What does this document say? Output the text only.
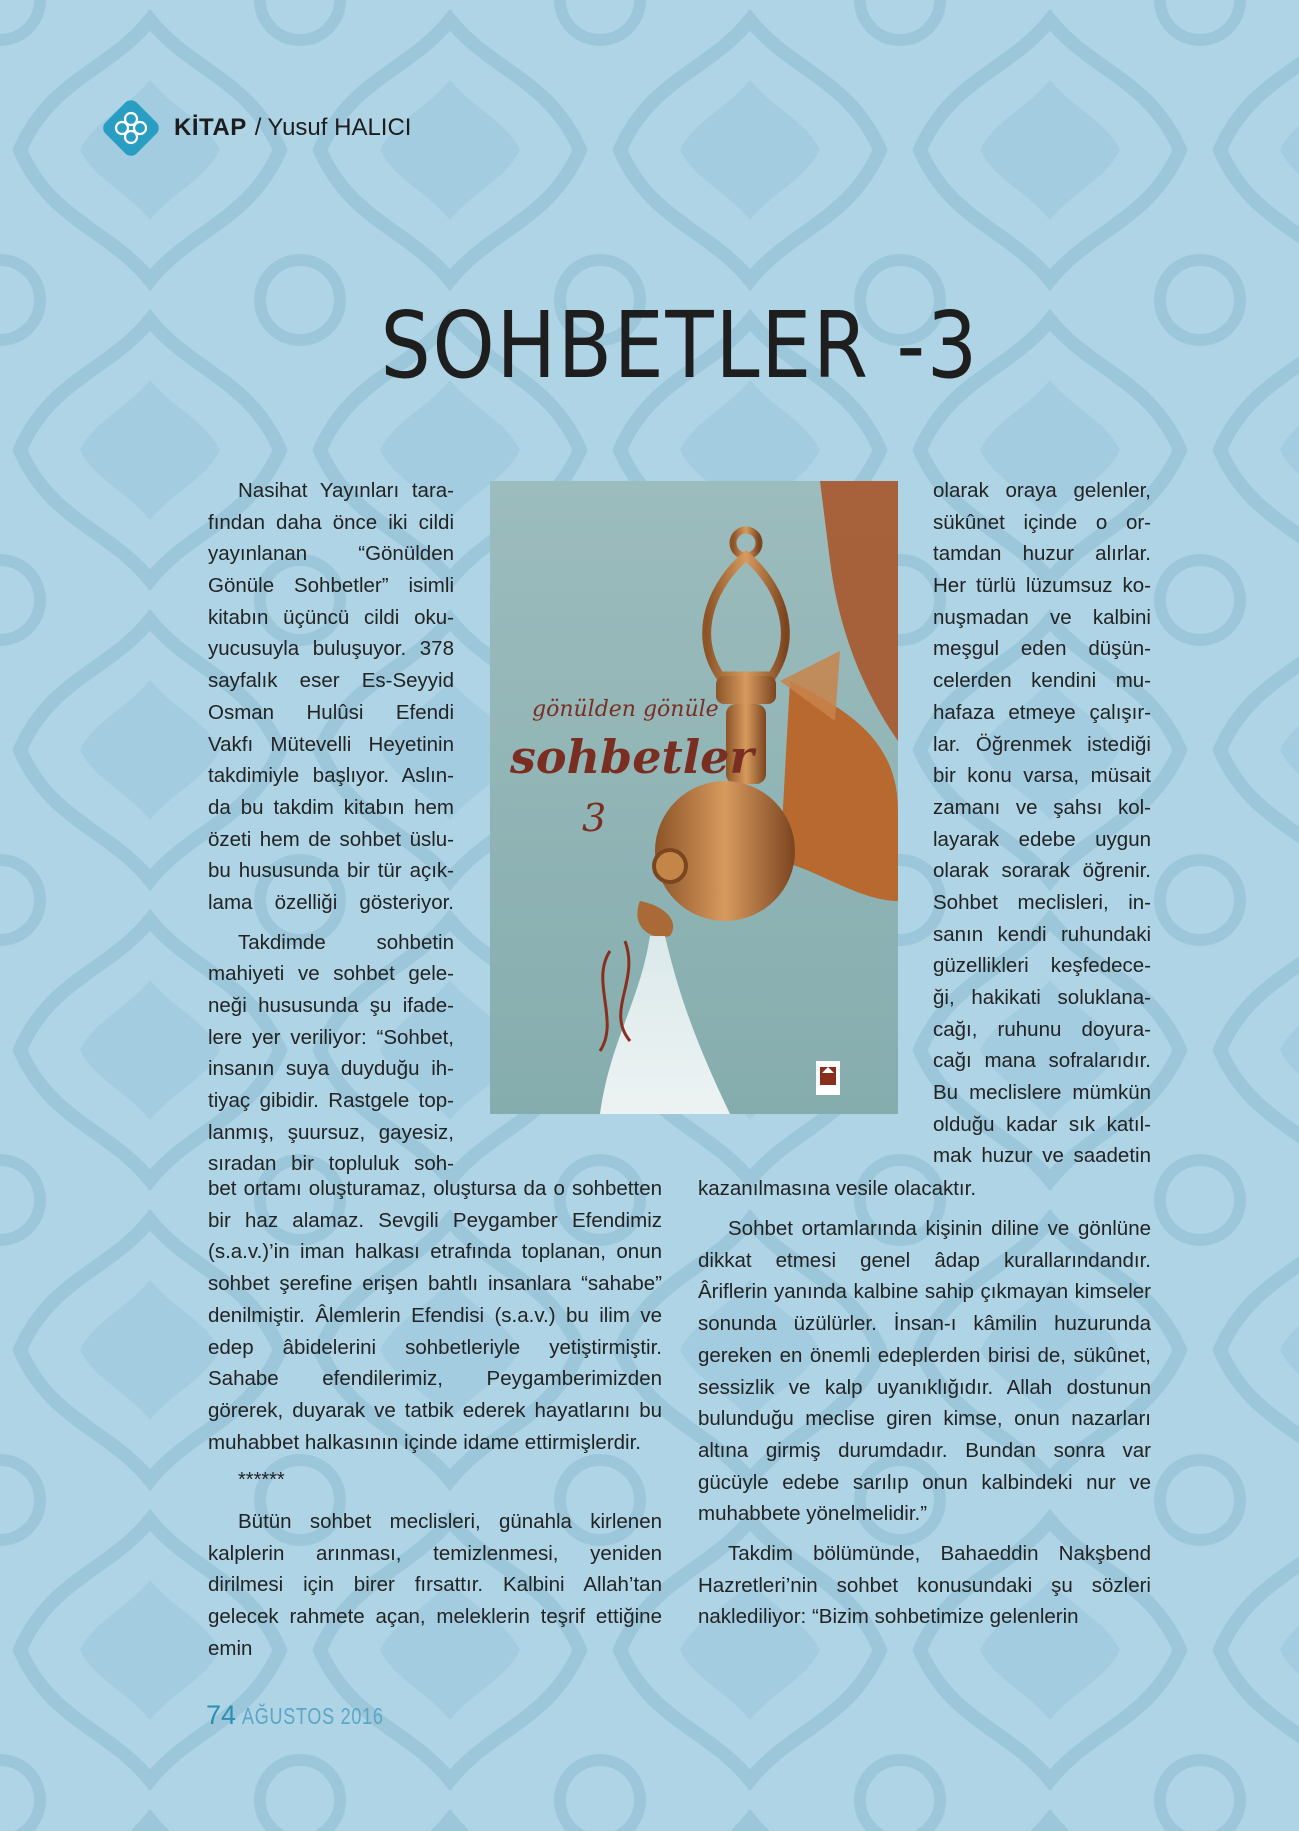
KİTAP / Yusuf HALICI
SOHBETLER -3
gönülden gönüle
sohbetler
3
Nasihat Yayınları tara-
fından daha önce iki cildi
yayınlanan “Gönülden
Gönüle Sohbetler” isimli
kitabın üçüncü cildi oku-
yucusuyla buluşuyor. 378
sayfalık eser Es-Seyyid
Osman Hulûsi Efendi
Vakfı Mütevelli Heyetinin
takdimiyle başlıyor. Aslın-
da bu takdim kitabın hem
özeti hem de sohbet üslu-
bu hususunda bir tür açık-
lama özelliği gösteriyor.
Takdimde sohbetin
mahiyeti ve sohbet gele-
neği hususunda şu ifade-
lere yer veriliyor: “Sohbet,
insanın suya duyduğu ih-
tiyaç gibidir. Rastgele top-
lanmış, şuursuz, gayesiz,
sıradan bir topluluk soh-
olarak oraya gelenler,
sükûnet içinde o or-
tamdan huzur alırlar.
Her türlü lüzumsuz ko-
nuşmadan ve kalbini
meşgul eden düşün-
celerden kendini mu-
hafaza etmeye çalışır-
lar. Öğrenmek istediği
bir konu varsa, müsait
zamanı ve şahsı kol-
layarak edebe uygun
olarak sorarak öğrenir.
Sohbet meclisleri, in-
sanın kendi ruhundaki
güzellikleri keşfedece-
ği, hakikati soluklana-
cağı, ruhunu doyura-
cağı mana sofralarıdır.
Bu meclislere mümkün
olduğu kadar sık katıl-
mak huzur ve saadetin

bet ortamı oluşturamaz, oluştursa da o sohbetten bir haz alamaz. Sevgili Peygamber Efendimiz (s.a.v.)’in iman halkası etrafında toplanan, onun sohbet şerefine erişen bahtlı insanlara “sahabe” denilmiştir. Âlemlerin Efendisi (s.a.v.) bu ilim ve edep âbidelerini sohbetleriyle yetiştirmiştir. Sahabe efendilerimiz, Peygamberimizden görerek, duyarak ve tatbik ederek hayatlarını bu muhabbet halkasının içinde idame ettirmişlerdir.

******

Bütün sohbet meclisleri, günahla kirlenen kalplerin arınması, temizlenmesi, yeniden dirilmesi için birer fırsattır. Kalbini Allah’tan gelecek rahmete açan, meleklerin teşrif ettiğine emin

kazanılmasına vesile olacaktır.

Sohbet ortamlarında kişinin diline ve gönlüne dikkat etmesi genel âdap kurallarındandır. Âriflerin yanında kalbine sahip çıkmayan kimseler sonunda üzülürler. İnsan-ı kâmilin huzurunda gereken en önemli edeplerden birisi de, sükûnet, sessizlik ve kalp uyanıklığıdır. Allah dostunun bulunduğu meclise giren kimse, onun nazarları altına girmiş durumdadır. Bundan sonra var gücüyle edebe sarılıp onun kalbindeki nur ve muhabbete yönelmelidir.”

Takdim bölümünde, Bahaeddin Nakşbend Hazretleri’nin sohbet konusundaki şu sözleri naklediliyor: “Bizim sohbetimize gelenlerin

74 AĞUSTOS 2016
